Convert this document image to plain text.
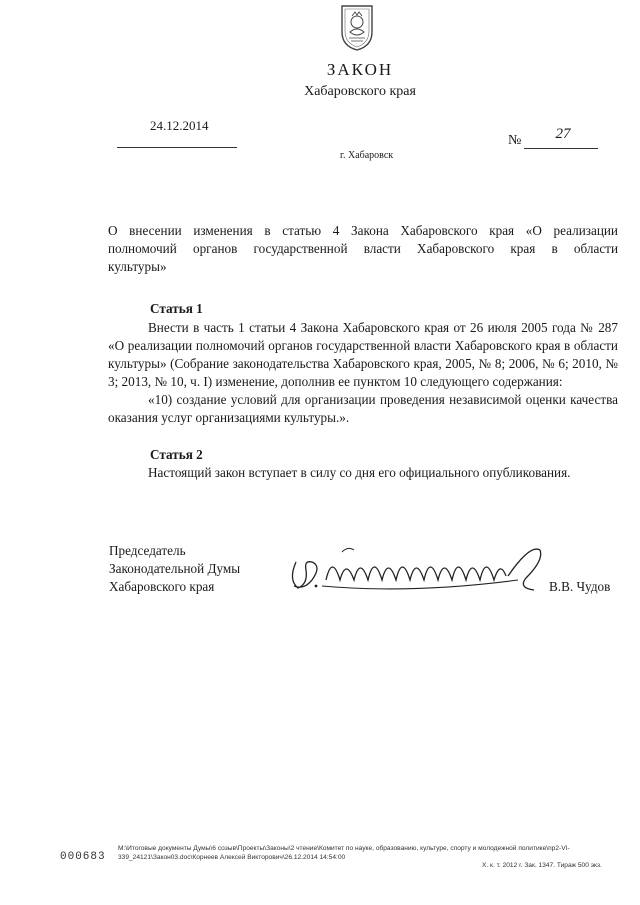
ЗАКОН
Хабаровского края
24.12.2014
№	27
г. Хабаровск
О внесении изменения в статью 4 Закона Хабаровского края «О реализации
полномочий органов государственной власти Хабаровского края в области
культуры»
Статья 1

Внести в часть 1 статьи 4 Закона Хабаровского края от 26 июля 2005 года № 287 «О реализации полномочий органов государственной власти Хабаровского края в области культуры» (Собрание законодательства Хабаровского края, 2005, № 8; 2006, № 6; 2010, № 3; 2013, № 10, ч. I) изменение, дополнив ее пунктом 10 следующего содержания:

«10) создание условий для организации проведения независимой оценки качества оказания услуг организациями культуры.».

Статья 2

Настоящий закон вступает в силу со дня его официального опубликования.

Председатель
Законодательной Думы
Хабаровского края	В.В. Чудов
M:\Итоговые документы Думы\6 созыв\Проекты\Законы\2 чтение\Комитет по науке, образованию, культуре, спорту и молодежной политике\пр2-VI-
339_24121\Закон03.doc\Корнеев Алексей Викторович\26.12.2014 14:54:00
000683
Х. к. т. 2012 г. Зак. 1347. Тираж 500 экз.
